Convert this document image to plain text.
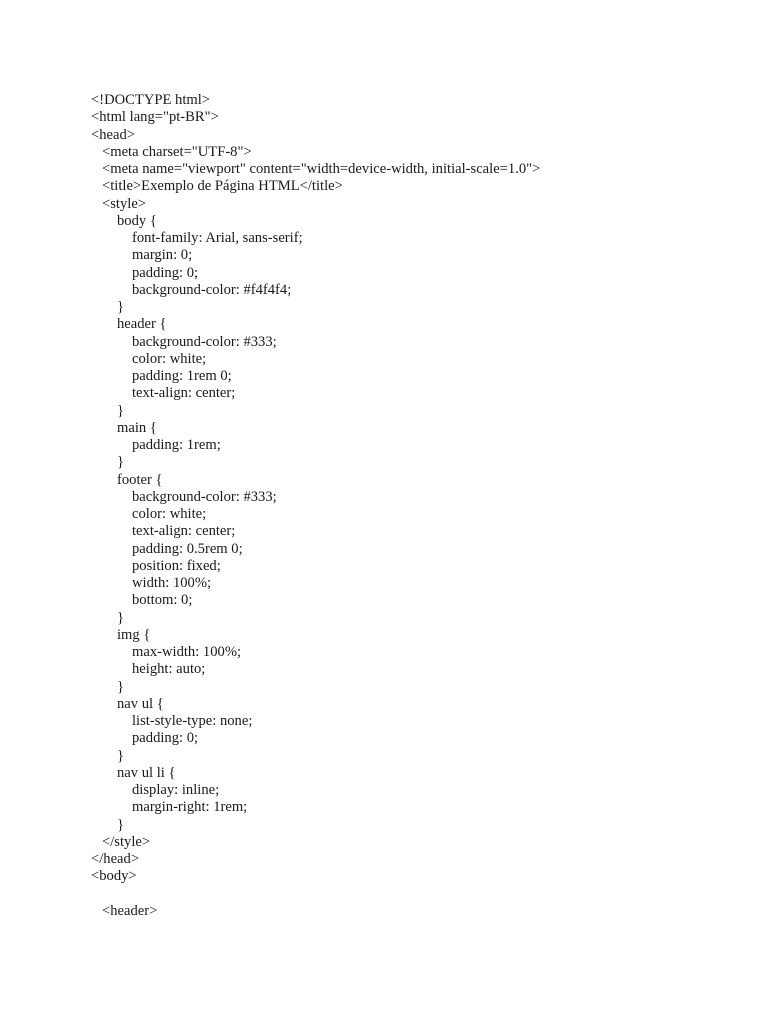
<!DOCTYPE html>
<html lang="pt-BR">
<head>
<meta charset="UTF-8">
<meta name="viewport" content="width=device-width, initial-scale=1.0">
<title>Exemplo de Página HTML</title>
<style>
body {
font-family: Arial, sans-serif;
margin: 0;
padding: 0;
background-color: #f4f4f4;
}
header {
background-color: #333;
color: white;
padding: 1rem 0;
text-align: center;
}
main {
padding: 1rem;
}
footer {
background-color: #333;
color: white;
text-align: center;
padding: 0.5rem 0;
position: fixed;
width: 100%;
bottom: 0;
}
img {
max-width: 100%;
height: auto;
}
nav ul {
list-style-type: none;
padding: 0;
}
nav ul li {
display: inline;
margin-right: 1rem;
}
</style>
</head>
<body>
<header>
